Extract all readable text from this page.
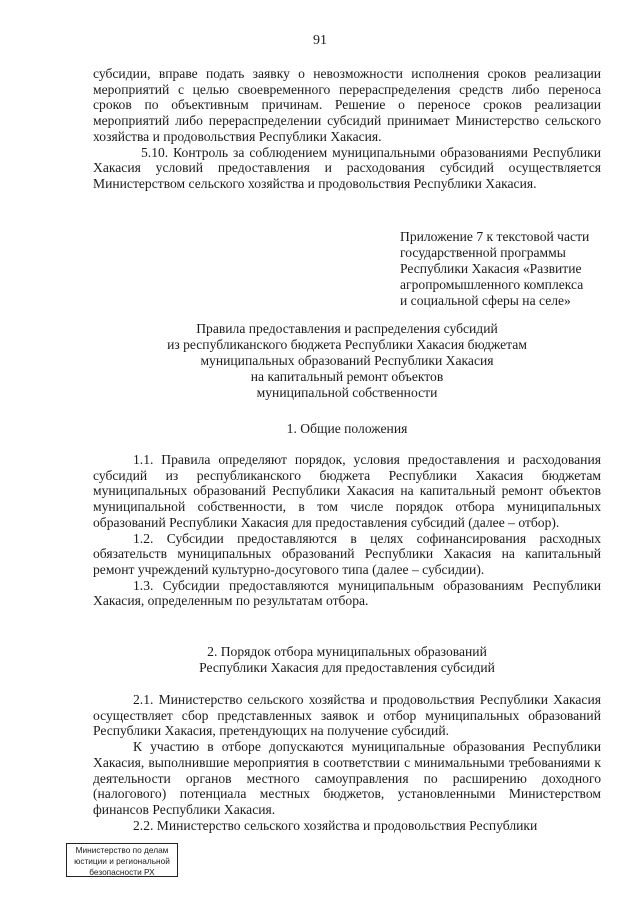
91

субсидии, вправе подать заявку о невозможности исполнения сроков реализации мероприятий с целью своевременного перераспределения средств либо переноса сроков по объективным причинам. Решение о переносе сроков реализации мероприятий либо перераспределении субсидий принимает Министерство сельского хозяйства и продовольствия Республики Хакасия.

5.10. Контроль за соблюдением муниципальными образованиями Республики Хакасия условий предоставления и расходования субсидий осуществляется Министерством сельского хозяйства и продовольствия Республики Хакасия.

Приложение 7 к текстовой части
государственной программы
Республики Хакасия «Развитие
агропромышленного комплекса
и социальной сферы на селе»
Правила предоставления и распределения субсидий
из республиканского бюджета Республики Хакасия бюджетам
муниципальных образований Республики Хакасия
на капитальный ремонт объектов
муниципальной собственности
1. Общие положения

1.1. Правила определяют порядок, условия предоставления и расходования субсидий из республиканского бюджета Республики Хакасия бюджетам муниципальных образований Республики Хакасия на капитальный ремонт объектов муниципальной собственности, в том числе порядок отбора муниципальных образований Республики Хакасия для предоставления субсидий (далее – отбор).

1.2. Субсидии предоставляются в целях софинансирования расходных обязательств муниципальных образований Республики Хакасия на капитальный ремонт учреждений культурно-досугового типа (далее – субсидии).

1.3. Субсидии предоставляются муниципальным образованиям Республики Хакасия, определенным по результатам отбора.

2. Порядок отбора муниципальных образований
Республики Хакасия для предоставления субсидий

2.1. Министерство сельского хозяйства и продовольствия Республики Хакасия осуществляет сбор представленных заявок и отбор муниципальных образований Республики Хакасия, претендующих на получение субсидий.

К участию в отборе допускаются муниципальные образования Республики Хакасия, выполнившие мероприятия в соответствии с минимальными требованиями к деятельности органов местного самоуправления по расширению доходного (налогового) потенциала местных бюджетов, установленными Министерством финансов Республики Хакасия.

2.2. Министерство сельского хозяйства и продовольствия Республики

Министерство по делам
юстиции и региональной
безопасности РХ
